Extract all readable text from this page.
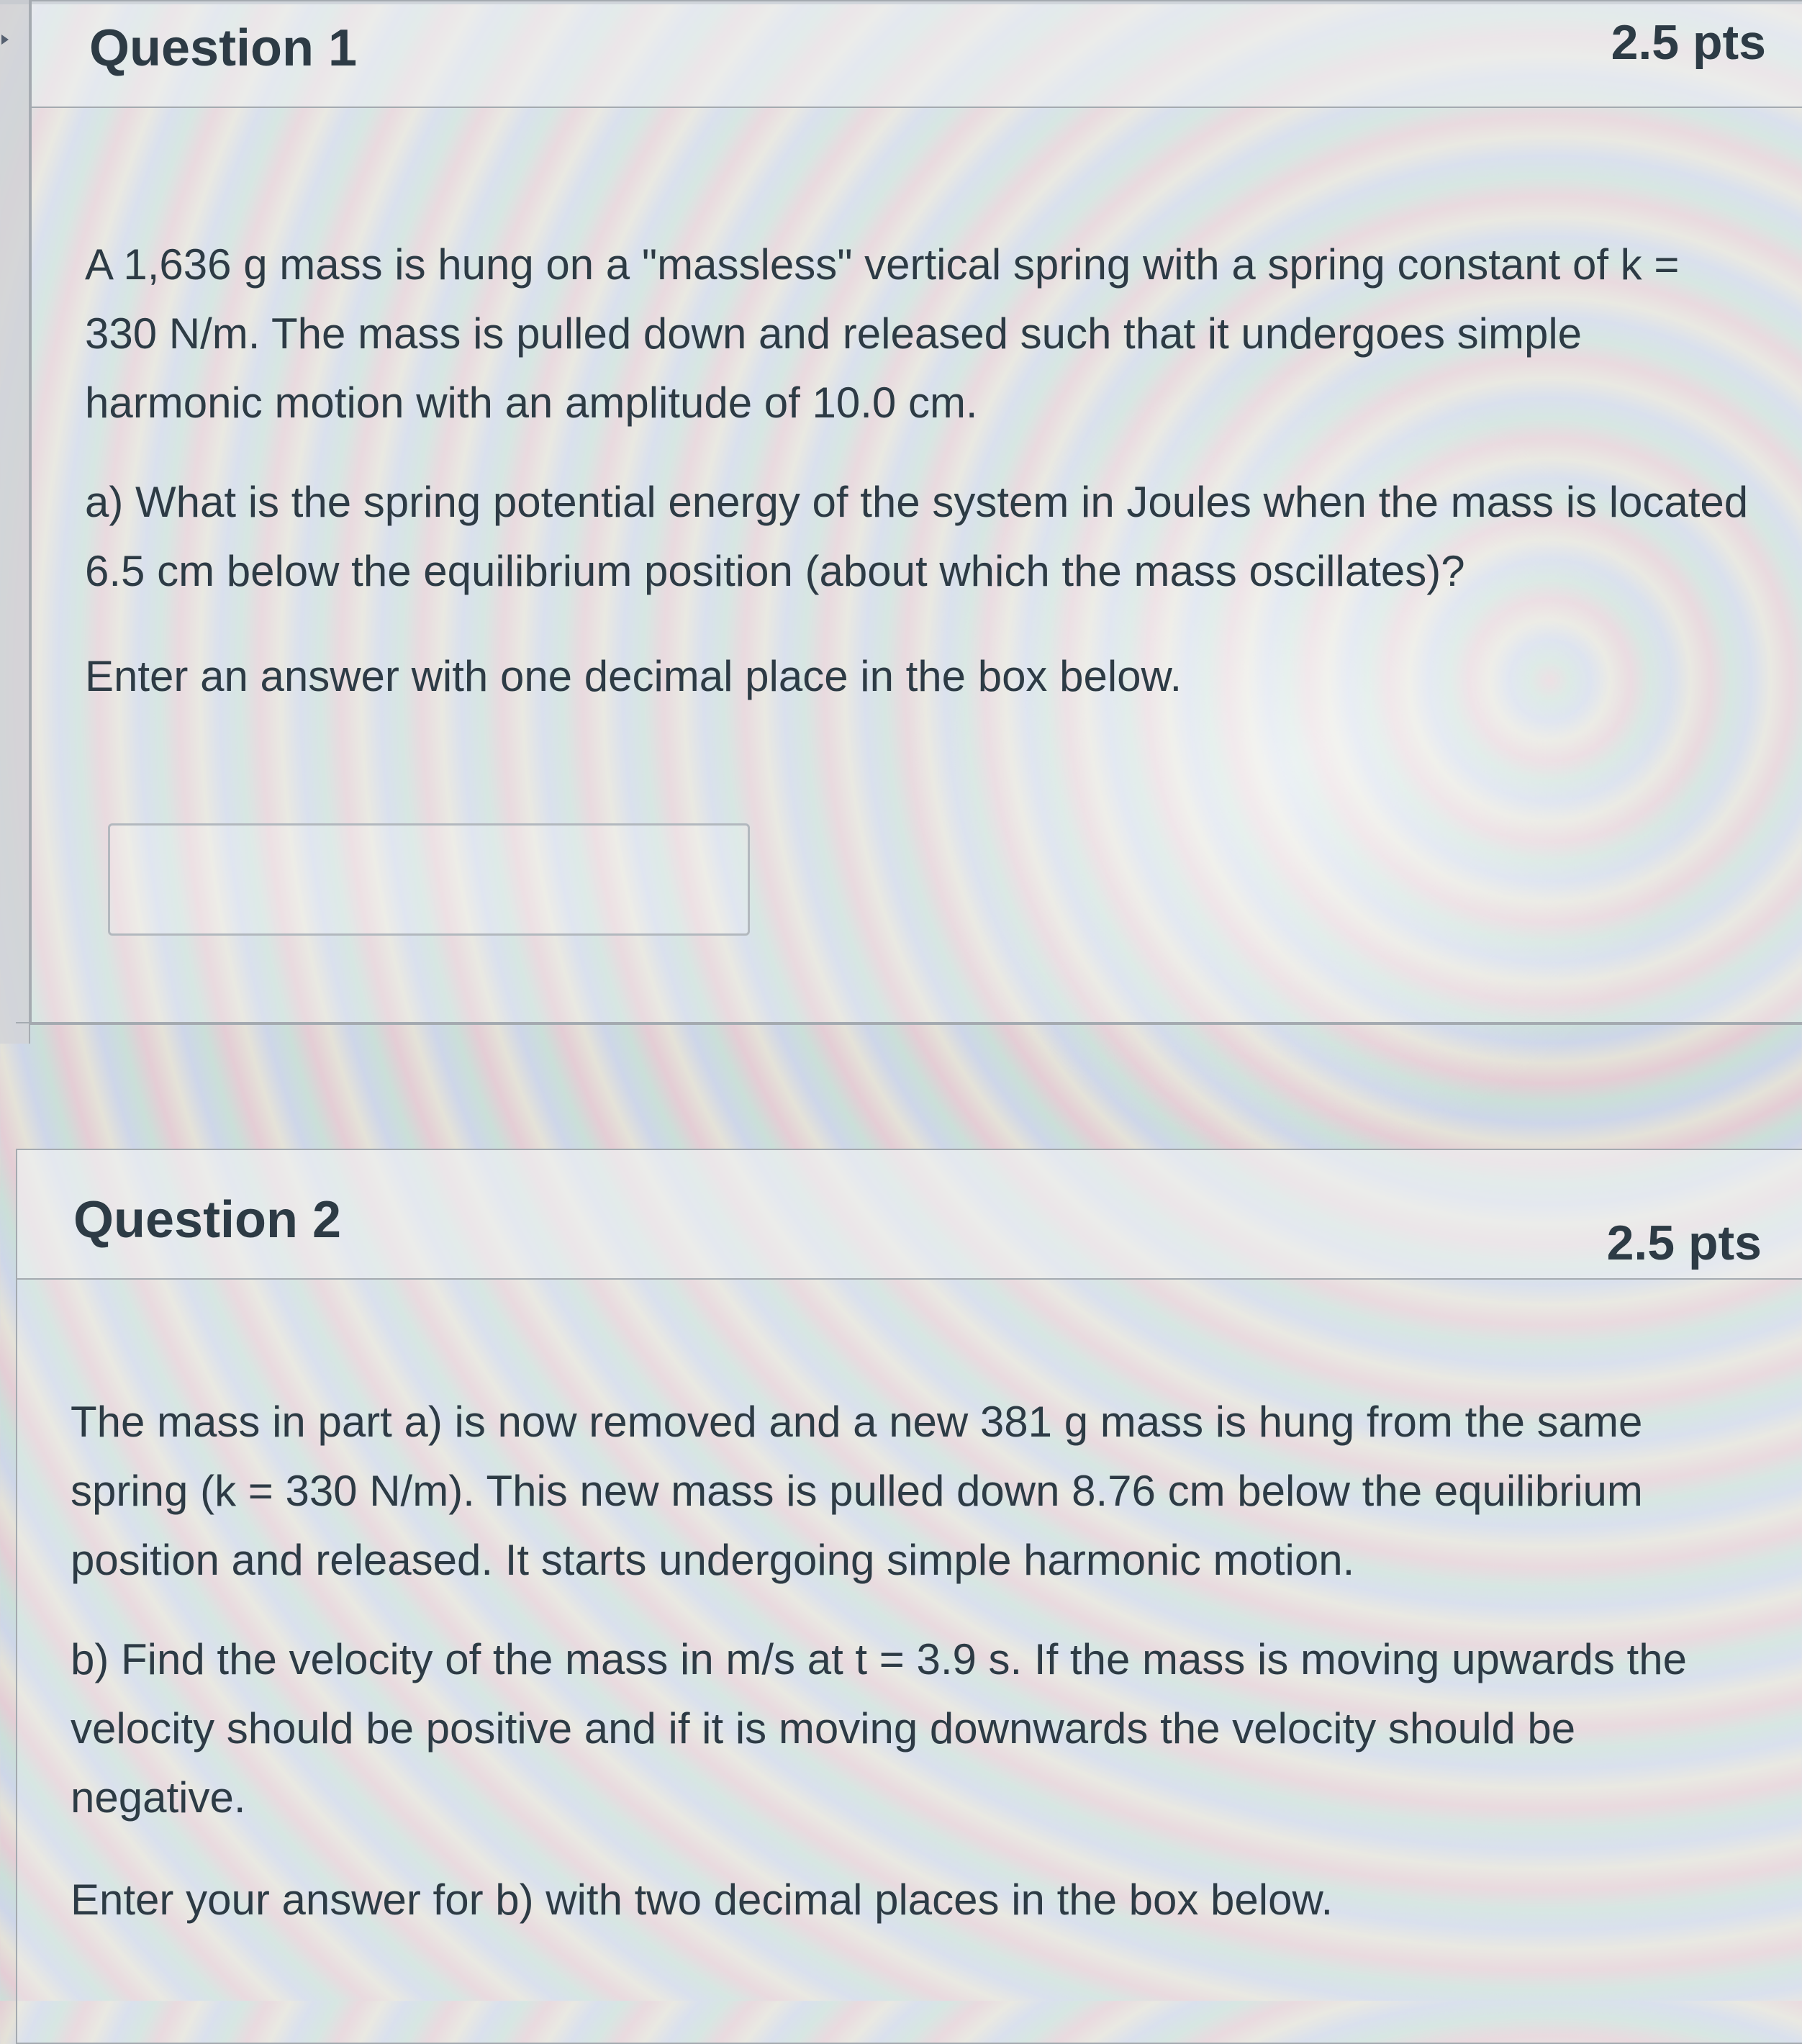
Question 1	2.5 pts

A 1,636 g mass is hung on a "massless" vertical spring with a spring constant of k = 330 N/m. The mass is pulled down and released such that it undergoes simple harmonic motion with an amplitude of 10.0 cm.

a) What is the spring potential energy of the system in Joules when the mass is located 6.5 cm below the equilibrium position (about which the mass oscillates)?

Enter an answer with one decimal place in the box below.

Question 2	2.5 pts

The mass in part a) is now removed and a new 381 g mass is hung from the same spring (k = 330 N/m). This new mass is pulled down 8.76 cm below the equilibrium position and released. It starts undergoing simple harmonic motion.

b) Find the velocity of the mass in m/s at t = 3.9 s. If the mass is moving upwards the velocity should be positive and if it is moving downwards the velocity should be negative.

Enter your answer for b) with two decimal places in the box below.
